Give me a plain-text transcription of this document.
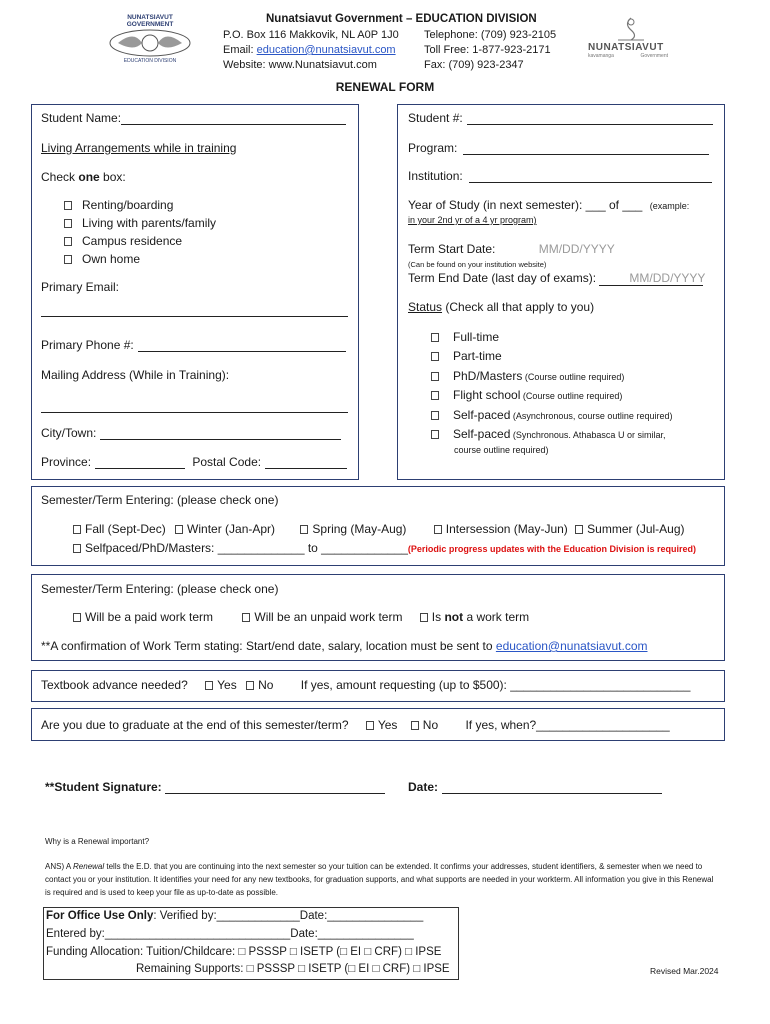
NUNATSIAVUT GOVERNMENT
EDUCATION DIVISION
Nunatsiavut Government – EDUCATION DIVISION
P.O. Box 116 Makkovik, NL A0P 1J0
Email: education@nunatsiavut.com
Website: www.Nunatsiavut.com
Telephone: (709) 923-2105
Toll Free: 1-877-923-2171
Fax: (709) 923-2347
NUNATSIAVUT
kavamanga	Government
RENEWAL FORM
Student Name:
Living Arrangements while in training
Check one box:
Renting/boarding
Living with parents/family
Campus residence
Own home
Primary Email:
Primary Phone #:
Mailing Address (While in Training):
City/Town:
Province:	Postal Code:
Student #:
Program:
Institution:
Year of Study (in next semester): ___ of ___ (example:
in your 2nd yr of a 4 yr program)
Term Start Date:	MM/DD/YYYY
(Can be found on your institution website)
Term End Date (last day of exams):	MM/DD/YYYY
Status (Check all that apply to you)
Full-time
Part-time
PhD/Masters (Course outline required)
Flight school (Course outline required)
Self-paced (Asynchronous, course outline required)
Self-paced (Synchronous. Athabasca U or similar,
course outline required)
Semester/Term Entering: (please check one)
Fall (Sept-Dec) Winter (Jan-Apr)	Spring (May-Aug)	Intersession (May-Jun) Summer (Jul-Aug)
Selfpaced/PhD/Masters: _____________ to _____________(Periodic progress updates with the Education Division is required)
Semester/Term Entering: (please check one)
Will be a paid work term	Will be an unpaid work term Is not a work term
**A confirmation of Work Term stating: Start/end date, salary, location must be sent to education@nunatsiavut.com
Textbook advance needed? Yes No If yes, amount requesting (up to $500): ___________________________
Are you due to graduate at the end of this semester/term? Yes No If yes, when?____________________
**Student Signature:	Date:
Why is a Renewal important?
ANS) A Renewal tells the E.D. that you are continuing into the next semester so your tuition can be extended. It confirms your addresses, student identifiers, & semester when we need to contact you or your institution. It identifies your need for any new textbooks, for graduation supports, and what supports are needed in your workterm. All information you give in this Renewal is required and is used to keep your file as up-to-date as possible.
For Office Use Only: Verified by:_____________Date:_______________
Entered by:_____________________________Date:_______________
Funding Allocation: Tuition/Childcare: □ PSSSP □ ISETP (□ EI □ CRF) □ IPSE
Remaining Supports: □ PSSSP □ ISETP (□ EI □ CRF) □ IPSE	Revised Mar.2024
